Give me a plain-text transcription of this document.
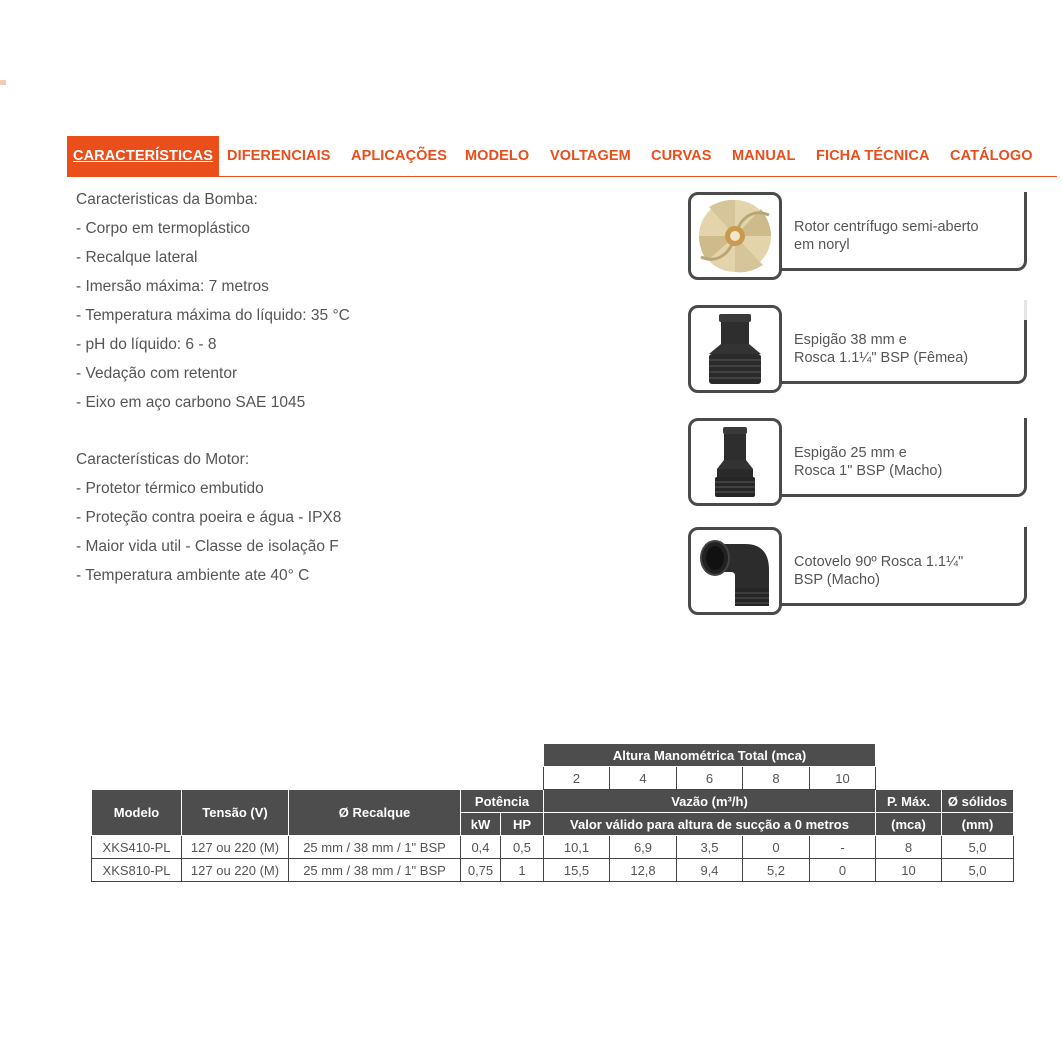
CARACTERÍSTICAS DIFERENCIAIS APLICAÇÕES MODELO VOLTAGEM CURVAS MANUAL FICHA TÉCNICA CATÁLOGO
Caracteristicas da Bomba:
- Corpo em termoplástico
- Recalque lateral
- Imersão máxima: 7 metros
- Temperatura máxima do líquido: 35 °C
- pH do líquido: 6 - 8
- Vedação com retentor
- Eixo em aço carbono SAE 1045
Características do Motor:
- Protetor térmico embutido
- Proteção contra poeira e água - IPX8
- Maior vida util - Classe de isolação F
- Temperatura ambiente ate 40° C
Rotor centrífugo semi-aberto
em noryl
Espigão 38 mm e
Rosca 1.1¼" BSP (Fêmea)
Espigão 25 mm e
Rosca 1" BSP (Macho)
Cotovelo 90º Rosca 1.1¼"
BSP (Macho)
					Altura Manométrica Total (mca)						
					2	4	6	8	10		
Modelo	Tensão (V)	Ø Recalque	Potência		Vazão (m³/h)					P. Máx.	Ø sólidos
			kW	HP	Valor válido para altura de sucção a 0 metros					(mca)	(mm)
XKS410-PL	127 ou 220 (M)	25 mm / 38 mm / 1" BSP	0,4	0,5	10,1	6,9	3,5	0	-	8	5,0
XKS810-PL	127 ou 220 (M)	25 mm / 38 mm / 1" BSP	0,75	1	15,5	12,8	9,4	5,2	0	10	5,0
